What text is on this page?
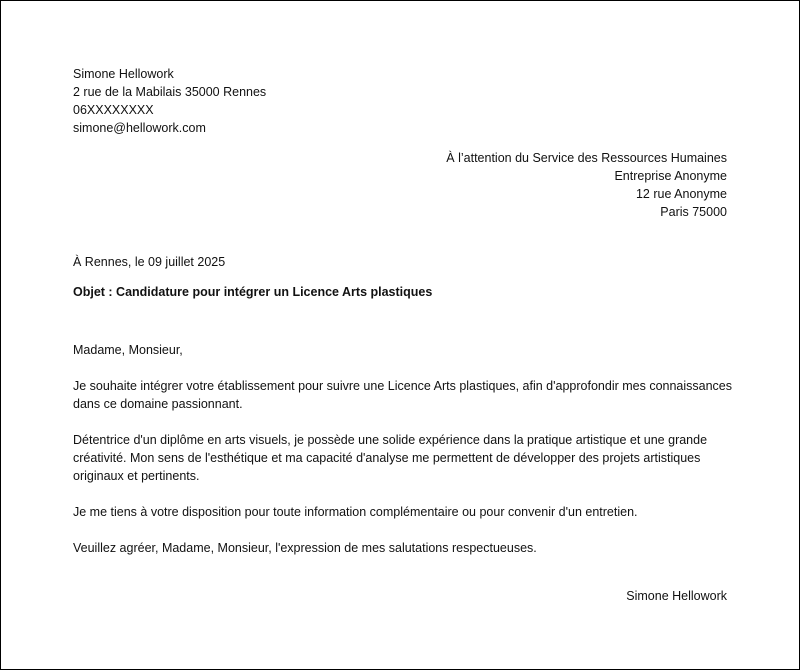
Simone Hellowork
2 rue de la Mabilais 35000 Rennes
06XXXXXXXX
simone@hellowork.com
À l’attention du Service des Ressources Humaines
Entreprise Anonyme
12 rue Anonyme
Paris 75000
À Rennes, le 09 juillet 2025
Objet : Candidature pour intégrer un Licence Arts plastiques

Madame, Monsieur,

Je souhaite intégrer votre établissement pour suivre une Licence Arts plastiques, afin d'approfondir mes connaissances dans ce domaine passionnant.

Détentrice d'un diplôme en arts visuels, je possède une solide expérience dans la pratique artistique et une grande créativité. Mon sens de l'esthétique et ma capacité d'analyse me permettent de développer des projets artistiques originaux et pertinents.

Je me tiens à votre disposition pour toute information complémentaire ou pour convenir d'un entretien.

Veuillez agréer, Madame, Monsieur, l'expression de mes salutations respectueuses.

Simone Hellowork
